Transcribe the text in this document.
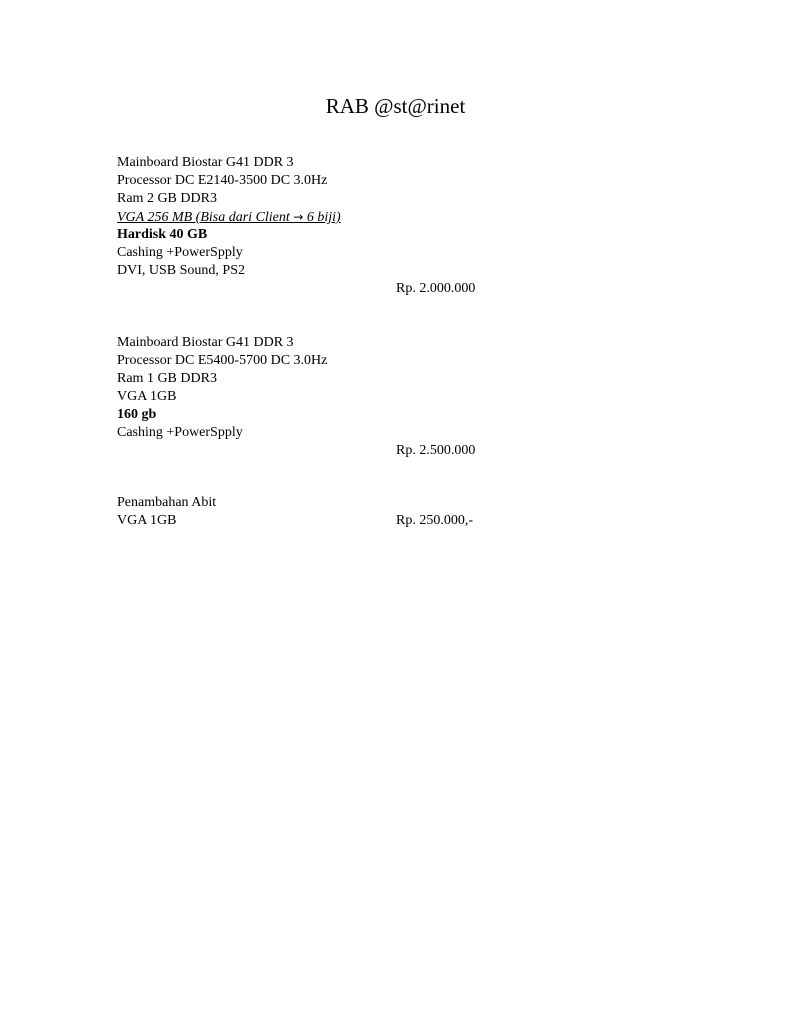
RAB @st@rinet
Mainboard Biostar G41 DDR 3
Processor DC E2140-3500 DC 3.0Hz
Ram 2 GB DDR3
VGA 256 MB (Bisa dari Client → 6 biji)
Hardisk 40 GB
Cashing +PowerSpply
DVI, USB Sound, PS2
Rp. 2.000.000
Mainboard Biostar G41 DDR 3
Processor DC E5400-5700 DC 3.0Hz
Ram 1 GB DDR3
VGA 1GB
160 gb
Cashing +PowerSpply
Rp. 2.500.000
Penambahan Abit
VGA 1GB	Rp. 250.000,-
